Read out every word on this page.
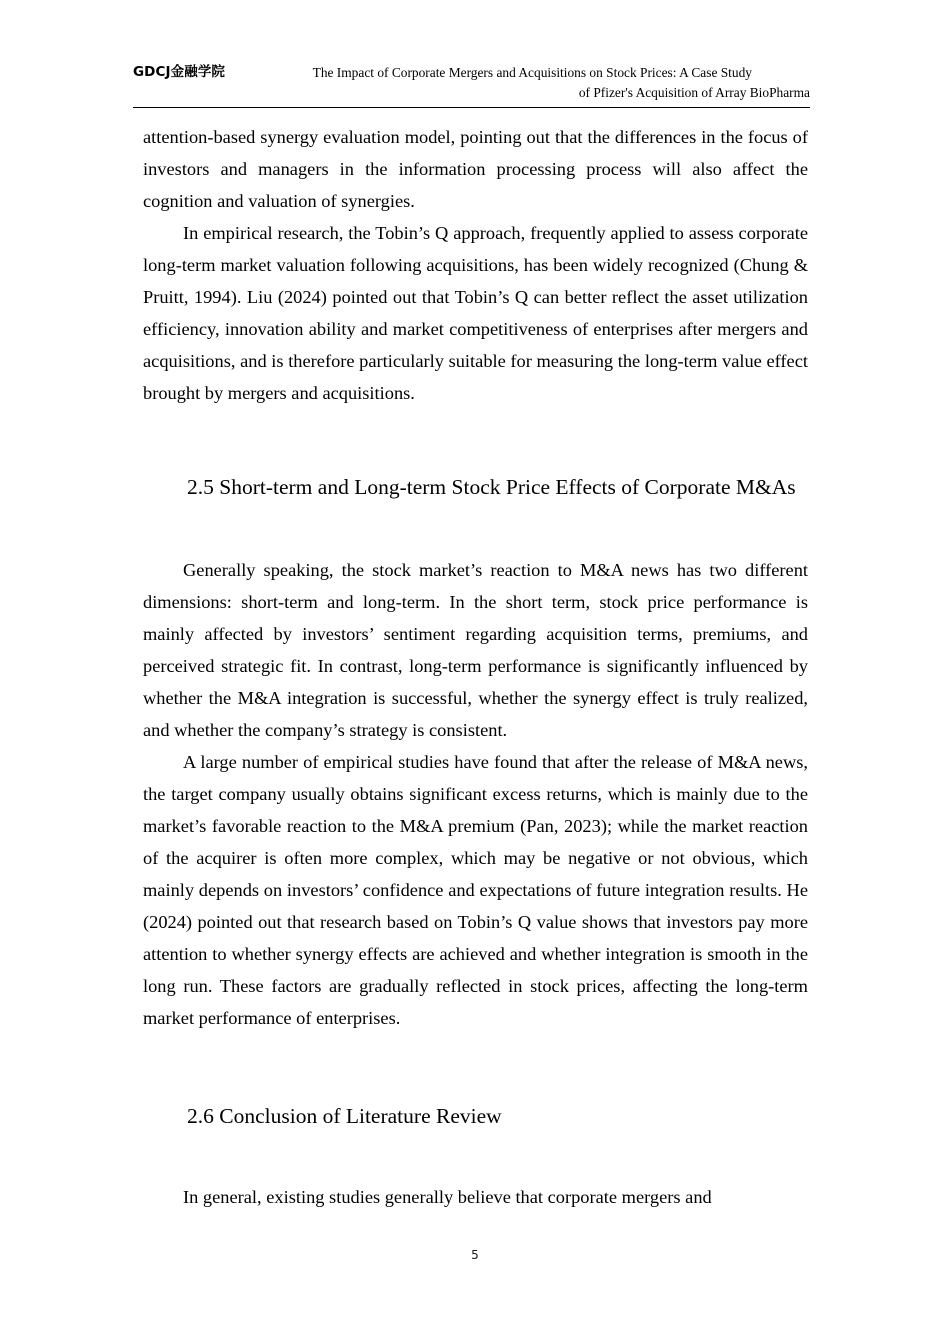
GDCJ金融学院	The Impact of Corporate Mergers and Acquisitions on Stock Prices: A Case Study
of Pfizer's Acquisition of Array BioPharma

attention-based synergy evaluation model, pointing out that the differences in the focus of investors and managers in the information processing process will also affect the cognition and valuation of synergies.

In empirical research, the Tobin’s Q approach, frequently applied to assess corporate long-term market valuation following acquisitions, has been widely recognized (Chung & Pruitt, 1994). Liu (2024) pointed out that Tobin’s Q can better reflect the asset utilization efficiency, innovation ability and market competitiveness of enterprises after mergers and acquisitions, and is therefore particularly suitable for measuring the long-term value effect brought by mergers and acquisitions.

2.5 Short-term and Long-term Stock Price Effects of Corporate M&As

Generally speaking, the stock market’s reaction to M&A news has two different dimensions: short-term and long-term. In the short term, stock price performance is mainly affected by investors’ sentiment regarding acquisition terms, premiums, and perceived strategic fit. In contrast, long-term performance is significantly influenced by whether the M&A integration is successful, whether the synergy effect is truly realized, and whether the company’s strategy is consistent.

A large number of empirical studies have found that after the release of M&A news, the target company usually obtains significant excess returns, which is mainly due to the market’s favorable reaction to the M&A premium (Pan, 2023); while the market reaction of the acquirer is often more complex, which may be negative or not obvious, which mainly depends on investors’ confidence and expectations of future integration results. He (2024) pointed out that research based on Tobin’s Q value shows that investors pay more attention to whether synergy effects are achieved and whether integration is smooth in the long run. These factors are gradually reflected in stock prices, affecting the long-term market performance of enterprises.

2.6 Conclusion of Literature Review

In general, existing studies generally believe that corporate mergers and

5
